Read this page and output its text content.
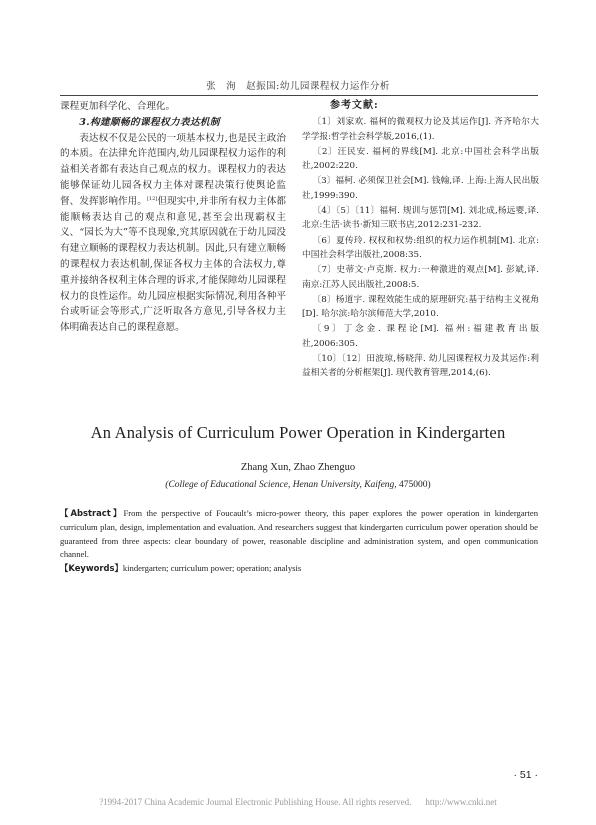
张　洵　赵振国:幼儿园课程权力运作分析

课程更加科学化、合理化。

3.构建顺畅的课程权力表达机制

表达权不仅是公民的一项基本权力,也是民主政治的本质。在法律允许范围内,幼儿园课程权力运作的利益相关者都有表达自己观点的权力。课程权力的表达能够保证幼儿园各权力主体对课程决策行使舆论监督、发挥影响作用。[12]但现实中,并非所有权力主体都能顺畅表达自己的观点和意见,甚至会出现霸权主义、“园长为大”等不良现象,究其原因就在于幼儿园没有建立顺畅的课程权力表达机制。因此,只有建立顺畅的课程权力表达机制,保证各权力主体的合法权力,尊重并接纳各权利主体合理的诉求,才能保障幼儿园课程权力的良性运作。幼儿园应根据实际情况,利用各种平台或听证会等形式,广泛听取各方意见,引导各权力主体明确表达自己的课程意愿。

参考文献:
〔1〕刘家欢. 福柯的微观权力论及其运作[J]. 齐齐哈尔大学学报:哲学社会科学版,2016,(1).
〔2〕汪民安. 福柯的界线[M]. 北京:中国社会科学出版社,2002:220.
〔3〕福柯. 必须保卫社会[M]. 钱翰,译. 上海:上海人民出版社,1999:390.
〔4〕〔5〕〔11〕福柯. 规训与惩罚[M]. 刘北成,杨远婴,译. 北京:生活·读书·新知三联书店,2012:231-232.
〔6〕夏传玲. 权权和权势:组织的权力运作机制[M]. 北京:中国社会科学出版社,2008:35.
〔7〕史蒂文·卢克斯. 权力:一种激进的观点[M]. 彭斌,译. 南京:江苏人民出版社,2008:5.
〔8〕杨道宇. 课程效能生成的原理研究:基于结构主义视角[D]. 哈尔滨:哈尔滨师范大学,2010.
〔9〕丁念金. 课程论[M]. 福州:福建教育出版社,2006:305.
〔10〕〔12〕田波琼,杨晓萍. 幼儿园课程权力及其运作:利益相关者的分析框架[J]. 现代教育管理,2014,(6).
An Analysis of Curriculum Power Operation in Kindergarten
Zhang Xun, Zhao Zhenguo
(College of Educational Science, Henan University, Kaifeng, 475000)

【Abstract】From the perspective of Foucault’s micro-power theory, this paper explores the power operation in kindergarten curriculum plan, design, implementation and evaluation. And researchers suggest that kindergarten curriculum power operation should be guaranteed from three aspects: clear boundary of power, reasonable discipline and administration system, and open communication channel.

【Keywords】kindergarten; curriculum power; operation; analysis

· 51 ·
?1994-2017 China Academic Journal Electronic Publishing House. All rights reserved. http://www.cnki.net
